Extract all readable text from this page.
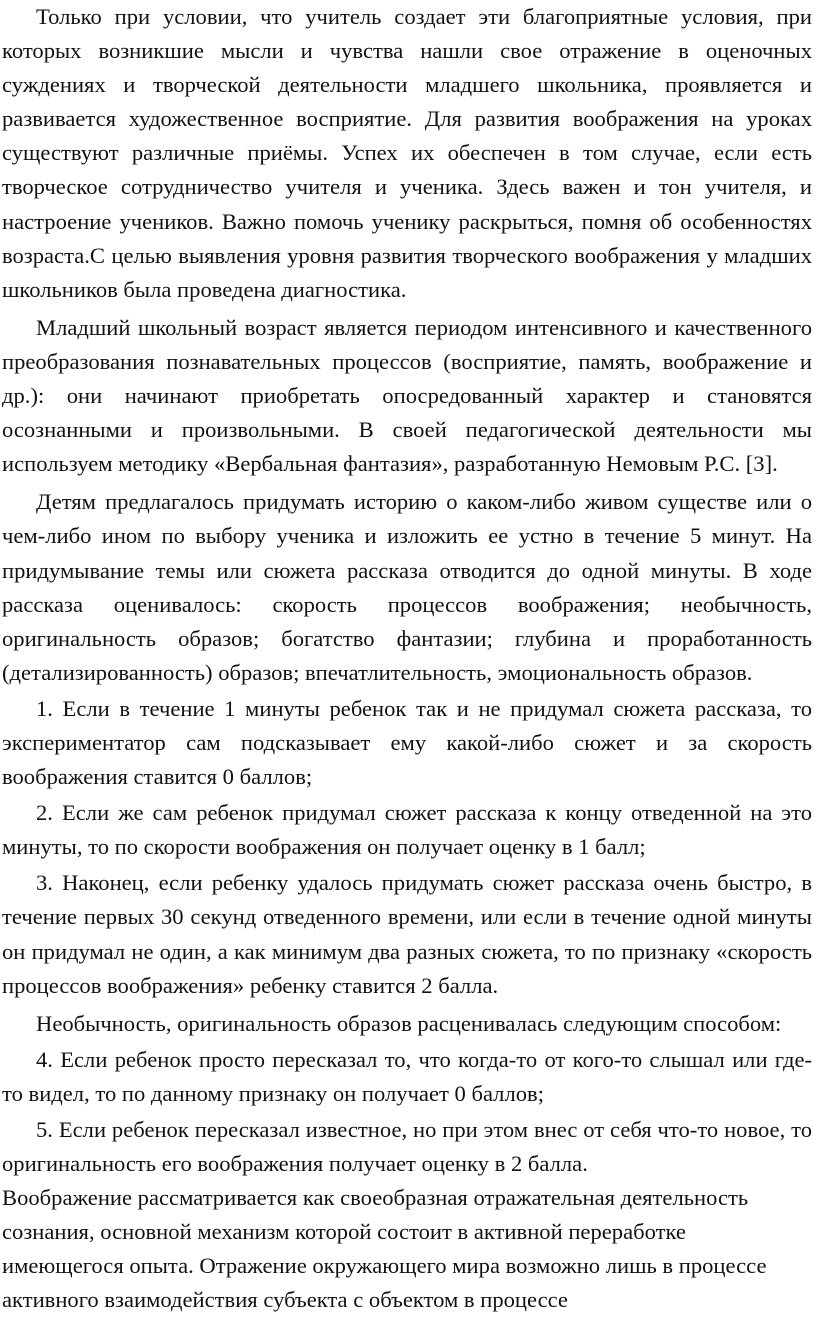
Только при условии, что учитель создает эти благоприятные условия, при которых возникшие мысли и чувства нашли свое отражение в оценочных суждениях и творческой деятельности младшего школьника, проявляется и развивается художественное восприятие. Для развития воображения на уроках существуют различные приёмы. Успех их обеспечен в том случае, если есть творческое сотрудничество учителя и ученика. Здесь важен и тон учителя, и настроение учеников. Важно помочь ученику раскрыться, помня об особенностях возраста.С целью выявления уровня развития творческого воображения у младших школьников была проведена диагностика.

Младший школьный возраст является периодом интенсивного и качественного преобразования познавательных процессов (восприятие, память, воображение и др.): они начинают приобретать опосредованный характер и становятся осознанными и произвольными. В своей педагогической деятельности мы используем методику «Вербальная фантазия», разработанную Немовым Р.С. [3].

Детям предлагалось придумать историю о каком-либо живом существе или о чем-либо ином по выбору ученика и изложить ее устно в течение 5 минут. На придумывание темы или сюжета рассказа отводится до одной минуты. В ходе рассказа оценивалось: скорость процессов воображения; необычность, оригинальность образов; богатство фантазии; глубина и проработанность (детализированность) образов; впечатлительность, эмоциональность образов.

1. Если в течение 1 минуты ребенок так и не придумал сюжета рассказа, то экспериментатор сам подсказывает ему какой-либо сюжет и за скорость воображения ставится 0 баллов;

2. Если же сам ребенок придумал сюжет рассказа к концу отведенной на это минуты, то по скорости воображения он получает оценку в 1 балл;

3. Наконец, если ребенку удалось придумать сюжет рассказа очень быстро, в течение первых 30 секунд отведенного времени, или если в течение одной минуты он придумал не один, а как минимум два разных сюжета, то по признаку «скорость процессов воображения» ребенку ставится 2 балла.

Необычность, оригинальность образов расценивалась следующим способом:

4. Если ребенок просто пересказал то, что когда-то от кого-то слышал или где-то видел, то по данному признаку он получает 0 баллов;

5. Если ребенок пересказал известное, но при этом внес от себя что-то новое, то оригинальность его воображения получает оценку в 2 балла.

Воображение рассматривается как своеобразная отражательная деятельность сознания, основной механизм которой состоит в активной переработке имеющегося опыта. Отражение окружающего мира возможно лишь в процессе активного взаимодействия субъекта с объектом в процессе
